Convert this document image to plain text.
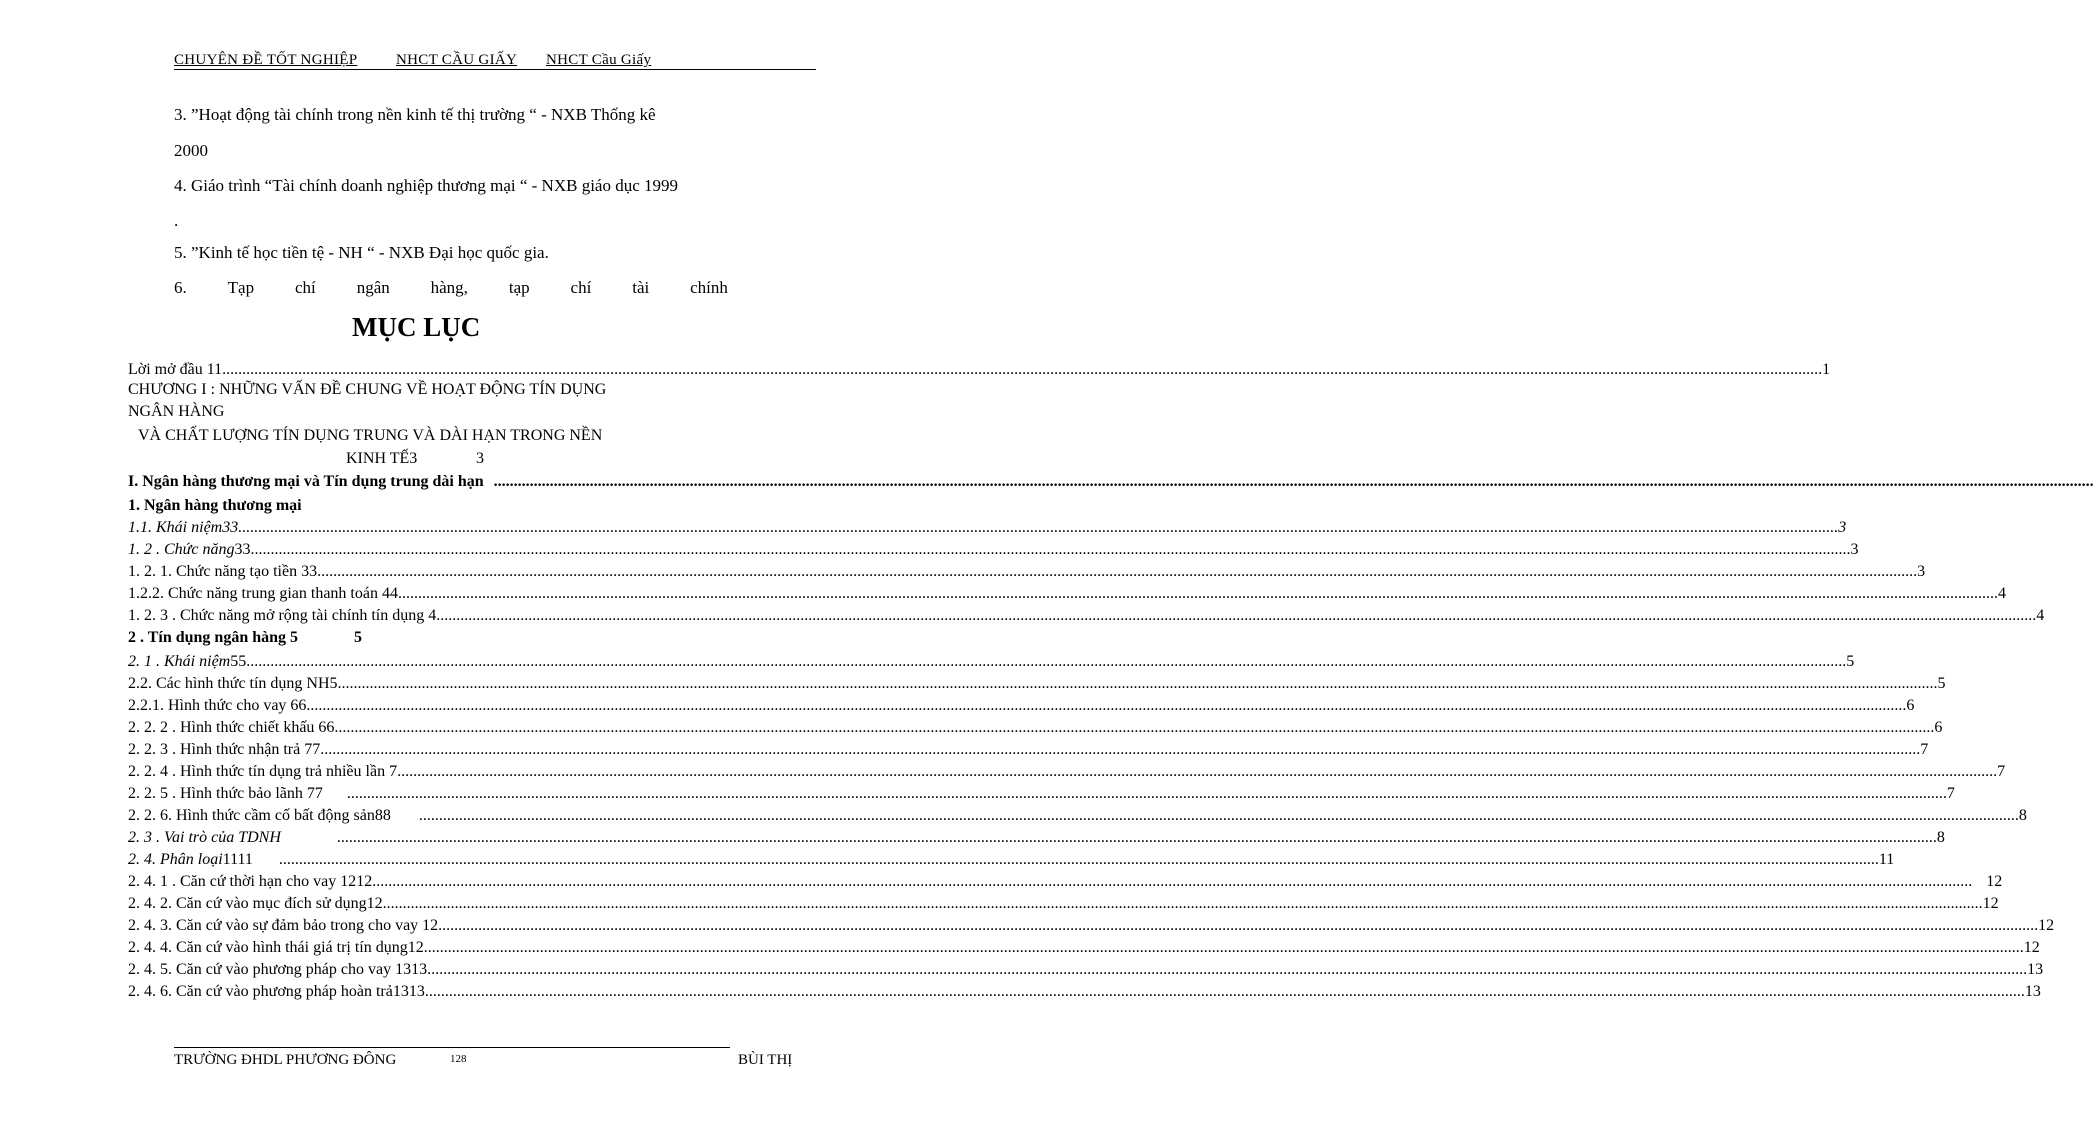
CHUYÊN ĐỀ TỐT NGHIỆP	NHCT CẦU GIẤY NHCT Cầu Giấy
3. ”Hoạt động tài chính trong nền kinh tế thị trường “ - NXB Thống kê
2000
4. Giáo trình “Tài chính doanh nghiệp thương mại “ - NXB giáo dục 1999
.
5. ”Kinh tế học tiền tệ - NH “ - NXB Đại học quốc gia.
6. Tạp chí ngân hàng, tạp chí tài chính
MỤC LỤC
Lời mở đầu 11 ................................................................................................................................................................................................................................................................................................................................................................................................................ 1
CHƯƠNG I : NHỮNG VẤN ĐỀ CHUNG VỀ HOẠT ĐỘNG TÍN DỤNG
NGÂN HÀNG
VÀ CHẤT LƯỢNG TÍN DỤNG TRUNG VÀ DÀI HẠN TRONG NỀN
KINH TẾ3	3
I. Ngân hàng thương mại và Tín dụng trung dài hạn ................................................................................................................................................................................................................................................................................................................................................................................................................
1. Ngân hàng thương mại
1.1. Khái niệm33 ................................................................................................................................................................................................................................................................................................................................................................................................................ 3
1. 2 . Chức năng 33 ................................................................................................................................................................................................................................................................................................................................................................................................................ 3
1. 2. 1. Chức năng tạo tiền 33 ................................................................................................................................................................................................................................................................................................................................................................................................................ 3
1.2.2. Chức năng trung gian thanh toán 44 ................................................................................................................................................................................................................................................................................................................................................................................................................ 4
1. 2. 3 . Chức năng mở rộng tài chính tín dụng 4 ................................................................................................................................................................................................................................................................................................................................................................................................................ 4
2 . Tín dụng ngân hàng 5	5
2. 1 . Khái niệm 55 ................................................................................................................................................................................................................................................................................................................................................................................................................ 5
2.2. Các hình thức tín dụng NH5 ................................................................................................................................................................................................................................................................................................................................................................................................................ 5
2.2.1. Hình thức cho vay 66 ................................................................................................................................................................................................................................................................................................................................................................................................................ 6
2. 2. 2 . Hình thức chiết khấu 66 ................................................................................................................................................................................................................................................................................................................................................................................................................ 6
2. 2. 3 . Hình thức nhận trả 77 ................................................................................................................................................................................................................................................................................................................................................................................................................ 7
2. 2. 4 . Hình thức tín dụng trả nhiều lần 7 ................................................................................................................................................................................................................................................................................................................................................................................................................ 7
2. 2. 5 . Hình thức bảo lãnh 77 ................................................................................................................................................................................................................................................................................................................................................................................................................ 7
2. 2. 6. Hình thức cầm cố bất động sản88 ................................................................................................................................................................................................................................................................................................................................................................................................................ 8
2. 3 . Vai trò của TDNH	................................................................................................................................................................................................................................................................................................................................................................................................................ 8
2. 4. Phân loại 1111 ................................................................................................................................................................................................................................................................................................................................................................................................................ 11
2. 4. 1 . Căn cứ thời hạn cho vay 1212 ................................................................................................................................................................................................................................................................................................................................................................................................................ 12
2. 4. 2. Căn cứ vào mục đích sử dụng12 ................................................................................................................................................................................................................................................................................................................................................................................................................ 12
2. 4. 3. Căn cứ vào sự đảm bảo trong cho vay 12 ................................................................................................................................................................................................................................................................................................................................................................................................................ 12
2. 4. 4. Căn cứ vào hình thái giá trị tín dụng12 ................................................................................................................................................................................................................................................................................................................................................................................................................ 12
2. 4. 5. Căn cứ vào phương pháp cho vay 1313 ................................................................................................................................................................................................................................................................................................................................................................................................................ 13
2. 4. 6. Căn cứ vào phương pháp hoàn trả1313 ................................................................................................................................................................................................................................................................................................................................................................................................................ 13
TRƯỜNG ĐHDL PHƯƠNG ĐÔNG	128	BÙI THỊ
